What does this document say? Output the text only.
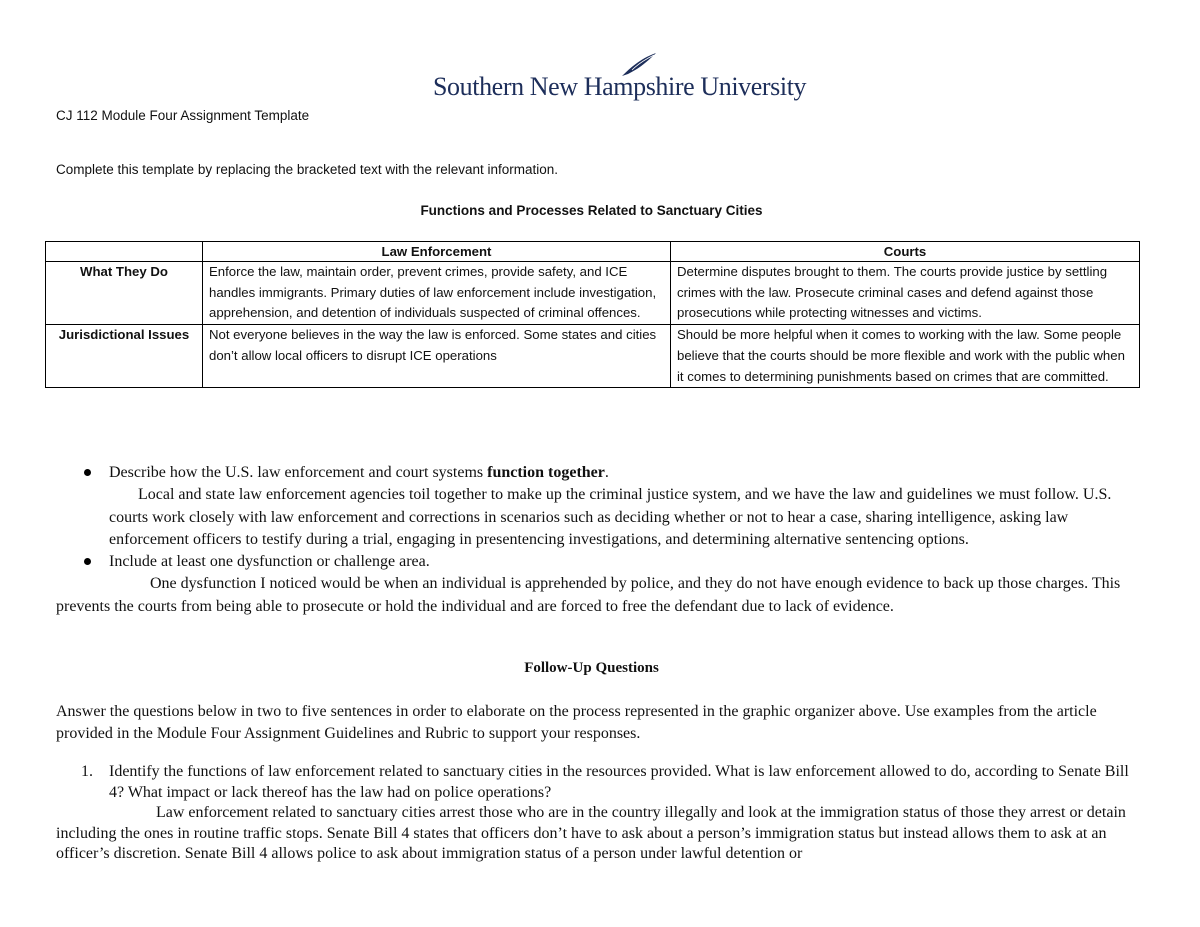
Southern New Hampshire University
CJ 112 Module Four Assignment Template
Complete this template by replacing the bracketed text with the relevant information.
Functions and Processes Related to Sanctuary Cities
	Law Enforcement	Courts
What They Do	Enforce the law, maintain order, prevent crimes, provide safety, and ICE handles immigrants. Primary duties of law enforcement include investigation, apprehension, and detention of individuals suspected of criminal offences.	Determine disputes brought to them. The courts provide justice by settling crimes with the law. Prosecute criminal cases and defend against those prosecutions while protecting witnesses and victims.
Jurisdictional Issues	Not everyone believes in the way the law is enforced. Some states and cities don’t allow local officers to disrupt ICE operations	Should be more helpful when it comes to working with the law. Some people believe that the courts should be more flexible and work with the public when it comes to determining punishments based on crimes that are committed.
Describe how the U.S. law enforcement and court systems function together.
Local and state law enforcement agencies toil together to make up the criminal justice system, and we have the law and guidelines we must follow. U.S. courts work closely with law enforcement and corrections in scenarios such as deciding whether or not to hear a case, sharing intelligence, asking law enforcement officers to testify during a trial, engaging in presentencing investigations, and determining alternative sentencing options.
Include at least one dysfunction or challenge area.
One dysfunction I noticed would be when an individual is apprehended by police, and they do not have enough evidence to back up those charges. This prevents the courts from being able to prosecute or hold the individual and are forced to free the defendant due to lack of evidence.
Follow-Up Questions
Answer the questions below in two to five sentences in order to elaborate on the process represented in the graphic organizer above. Use examples from the article provided in the Module Four Assignment Guidelines and Rubric to support your responses.
1.	Identify the functions of law enforcement related to sanctuary cities in the resources provided. What is law enforcement allowed to do, according to Senate Bill 4? What impact or lack thereof has the law had on police operations?
Law enforcement related to sanctuary cities arrest those who are in the country illegally and look at the immigration status of those they arrest or detain including the ones in routine traffic stops. Senate Bill 4 states that officers don’t have to ask about a person’s immigration status but instead allows them to ask at an officer’s discretion. Senate Bill 4 allows police to ask about immigration status of a person under lawful detention or
